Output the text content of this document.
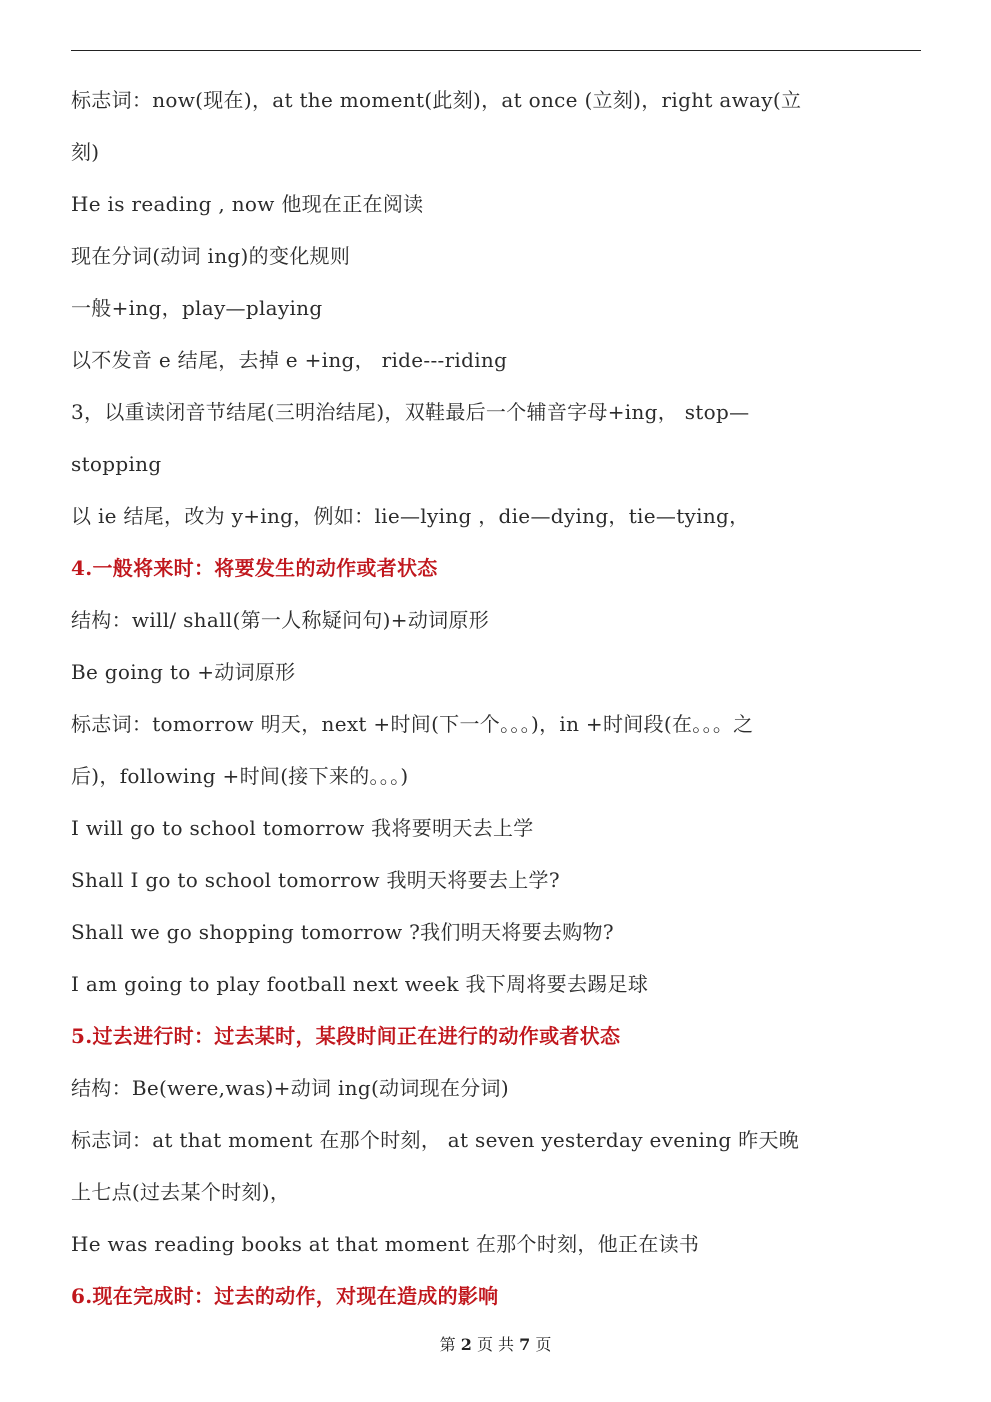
标志词：now(现在)，at the moment(此刻)，at once (立刻)，right away(立
刻)
He is reading , now 他现在正在阅读
现在分词(动词 ing)的变化规则
一般+ing，play—playing
以不发音 e 结尾，去掉 e +ing， ride---riding
3，以重读闭音节结尾(三明治结尾)，双鞋最后一个辅音字母+ing， stop—
stopping
以 ie 结尾，改为 y+ing，例如：lie—lying ，die—dying，tie—tying，
4.一般将来时：将要发生的动作或者状态
结构：will/ shall(第一人称疑问句)+动词原形
Be going to +动词原形
标志词：tomorrow 明天，next +时间(下一个。。。)，in +时间段(在。。。之
后)，following +时间(接下来的。。。)
I will go to school tomorrow 我将要明天去上学
Shall I go to school tomorrow 我明天将要去上学?
Shall we go shopping tomorrow ?我们明天将要去购物?
I am going to play football next week 我下周将要去踢足球
5.过去进行时：过去某时，某段时间正在进行的动作或者状态
结构：Be(were,was)+动词 ing(动词现在分词)
标志词：at that moment 在那个时刻， at seven yesterday evening 昨天晚
上七点(过去某个时刻)，
He was reading books at that moment 在那个时刻，他正在读书
6.现在完成时：过去的动作，对现在造成的影响
第 2 页 共 7 页
